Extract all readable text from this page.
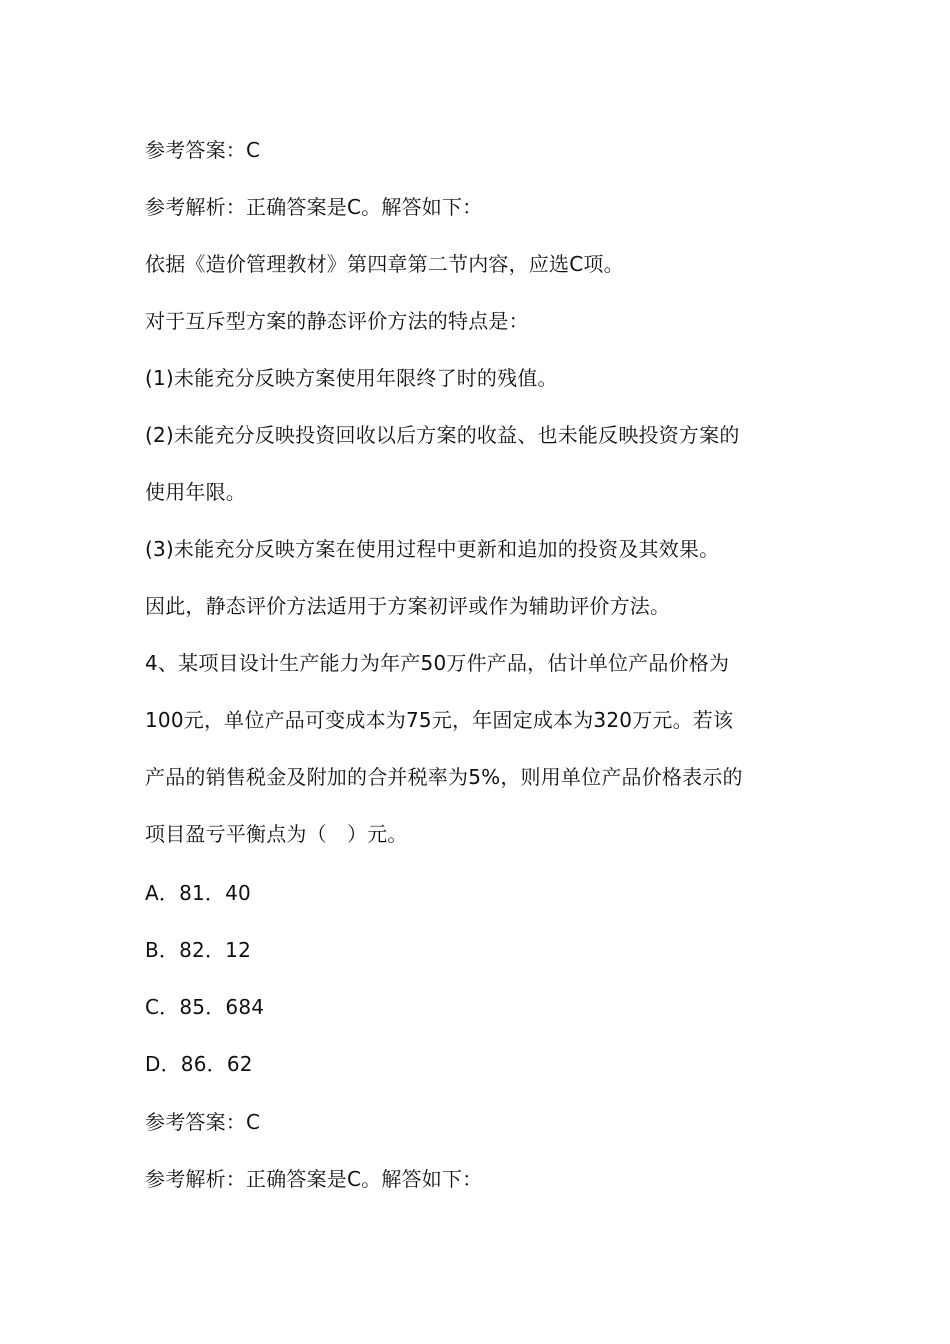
参考答案：C
参考解析：正确答案是C。解答如下：
依据《造价管理教材》第四章第二节内容，应选C项。
对于互斥型方案的静态评价方法的特点是：
(1)未能充分反映方案使用年限终了时的残值。
(2)未能充分反映投资回收以后方案的收益、也未能反映投资方案的
使用年限。
(3)未能充分反映方案在使用过程中更新和追加的投资及其效果。
因此，静态评价方法适用于方案初评或作为辅助评价方法。
4、某项目设计生产能力为年产50万件产品，估计单位产品价格为
100元，单位产品可变成本为75元，年固定成本为320万元。若该
产品的销售税金及附加的合并税率为5%，则用单位产品价格表示的
项目盈亏平衡点为（　）元。
A．81．40
B．82．12
C．85．684
D．86．62
参考答案：C
参考解析：正确答案是C。解答如下：
